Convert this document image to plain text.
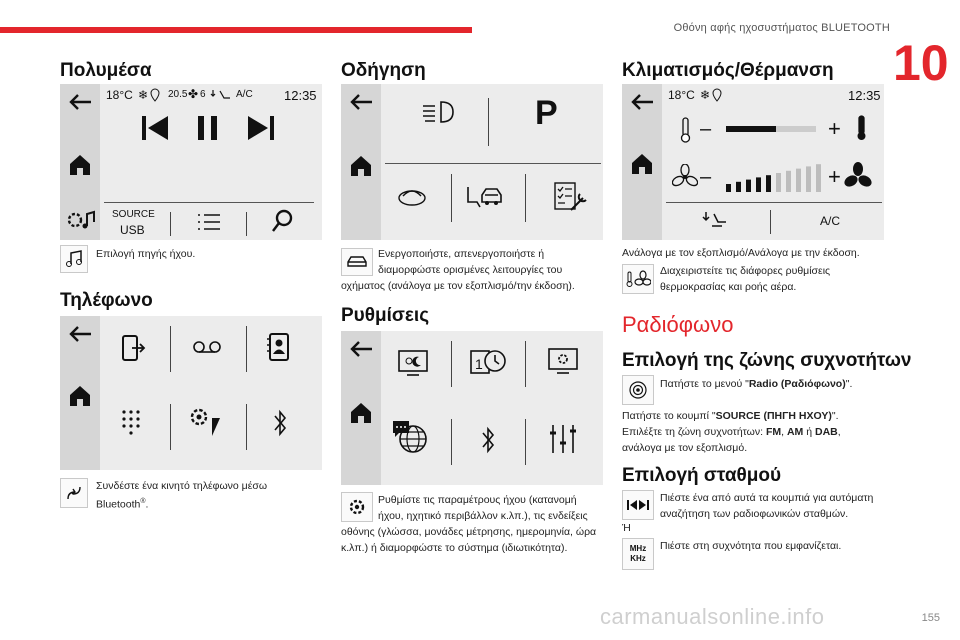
Οθόνη αφής ηχοσυστήματος BLUETOOTH
10
Πολυμέσα
18°C ❄ 20.5 ✤ 6	A/C 12:35
SOURCE
USB
Επιλογή πηγής ήχου.
Τηλέφωνο
Συνδέστε ένα κινητό τηλέφωνο μέσω
Bluetooth®.
Οδήγηση
P
Ενεργοποιήστε, απενεργοποιήστε ή
διαμορφώστε ορισμένες λειτουργίες του
οχήματος (ανάλογα με τον εξοπλισμό/την έκδοση).
Ρυθμίσεις
1
Ρυθμίστε τις παραμέτρους ήχου (κατανομή
ήχου, ηχητικό περιβάλλον κ.λπ.), τις ενδείξεις
οθόνης (γλώσσα, μονάδες μέτρησης, ημερομηνία, ώρα
κ.λπ.) ή διαμορφώστε το σύστημα (ιδιωτικότητα).
Κλιματισμός/Θέρμανση
18°C ❄	12:35
–	+
–	+
A/C
Ανάλογα με τον εξοπλισμό/Ανάλογα με την έκδοση.
Διαχειριστείτε τις διάφορες ρυθμίσεις
θερμοκρασίας και ροής αέρα.
Ραδιόφωνο
Επιλογή της ζώνης συχνοτήτων
Πατήστε το μενού "Radio (Ραδιόφωνο)".
Πατήστε το κουμπί "SOURCE (ΠΗΓΗ ΗΧΟΥ)".
Επιλέξτε τη ζώνη συχνοτήτων: FM, AM ή DAB,
ανάλογα με τον εξοπλισμό.
Επιλογή σταθμού
Πιέστε ένα από αυτά τα κουμπιά για αυτόματη
αναζήτηση των ραδιοφωνικών σταθμών.
Ή
MHz
KHz
Πιέστε στη συχνότητα που εμφανίζεται.
carmanualsonline.info	155
